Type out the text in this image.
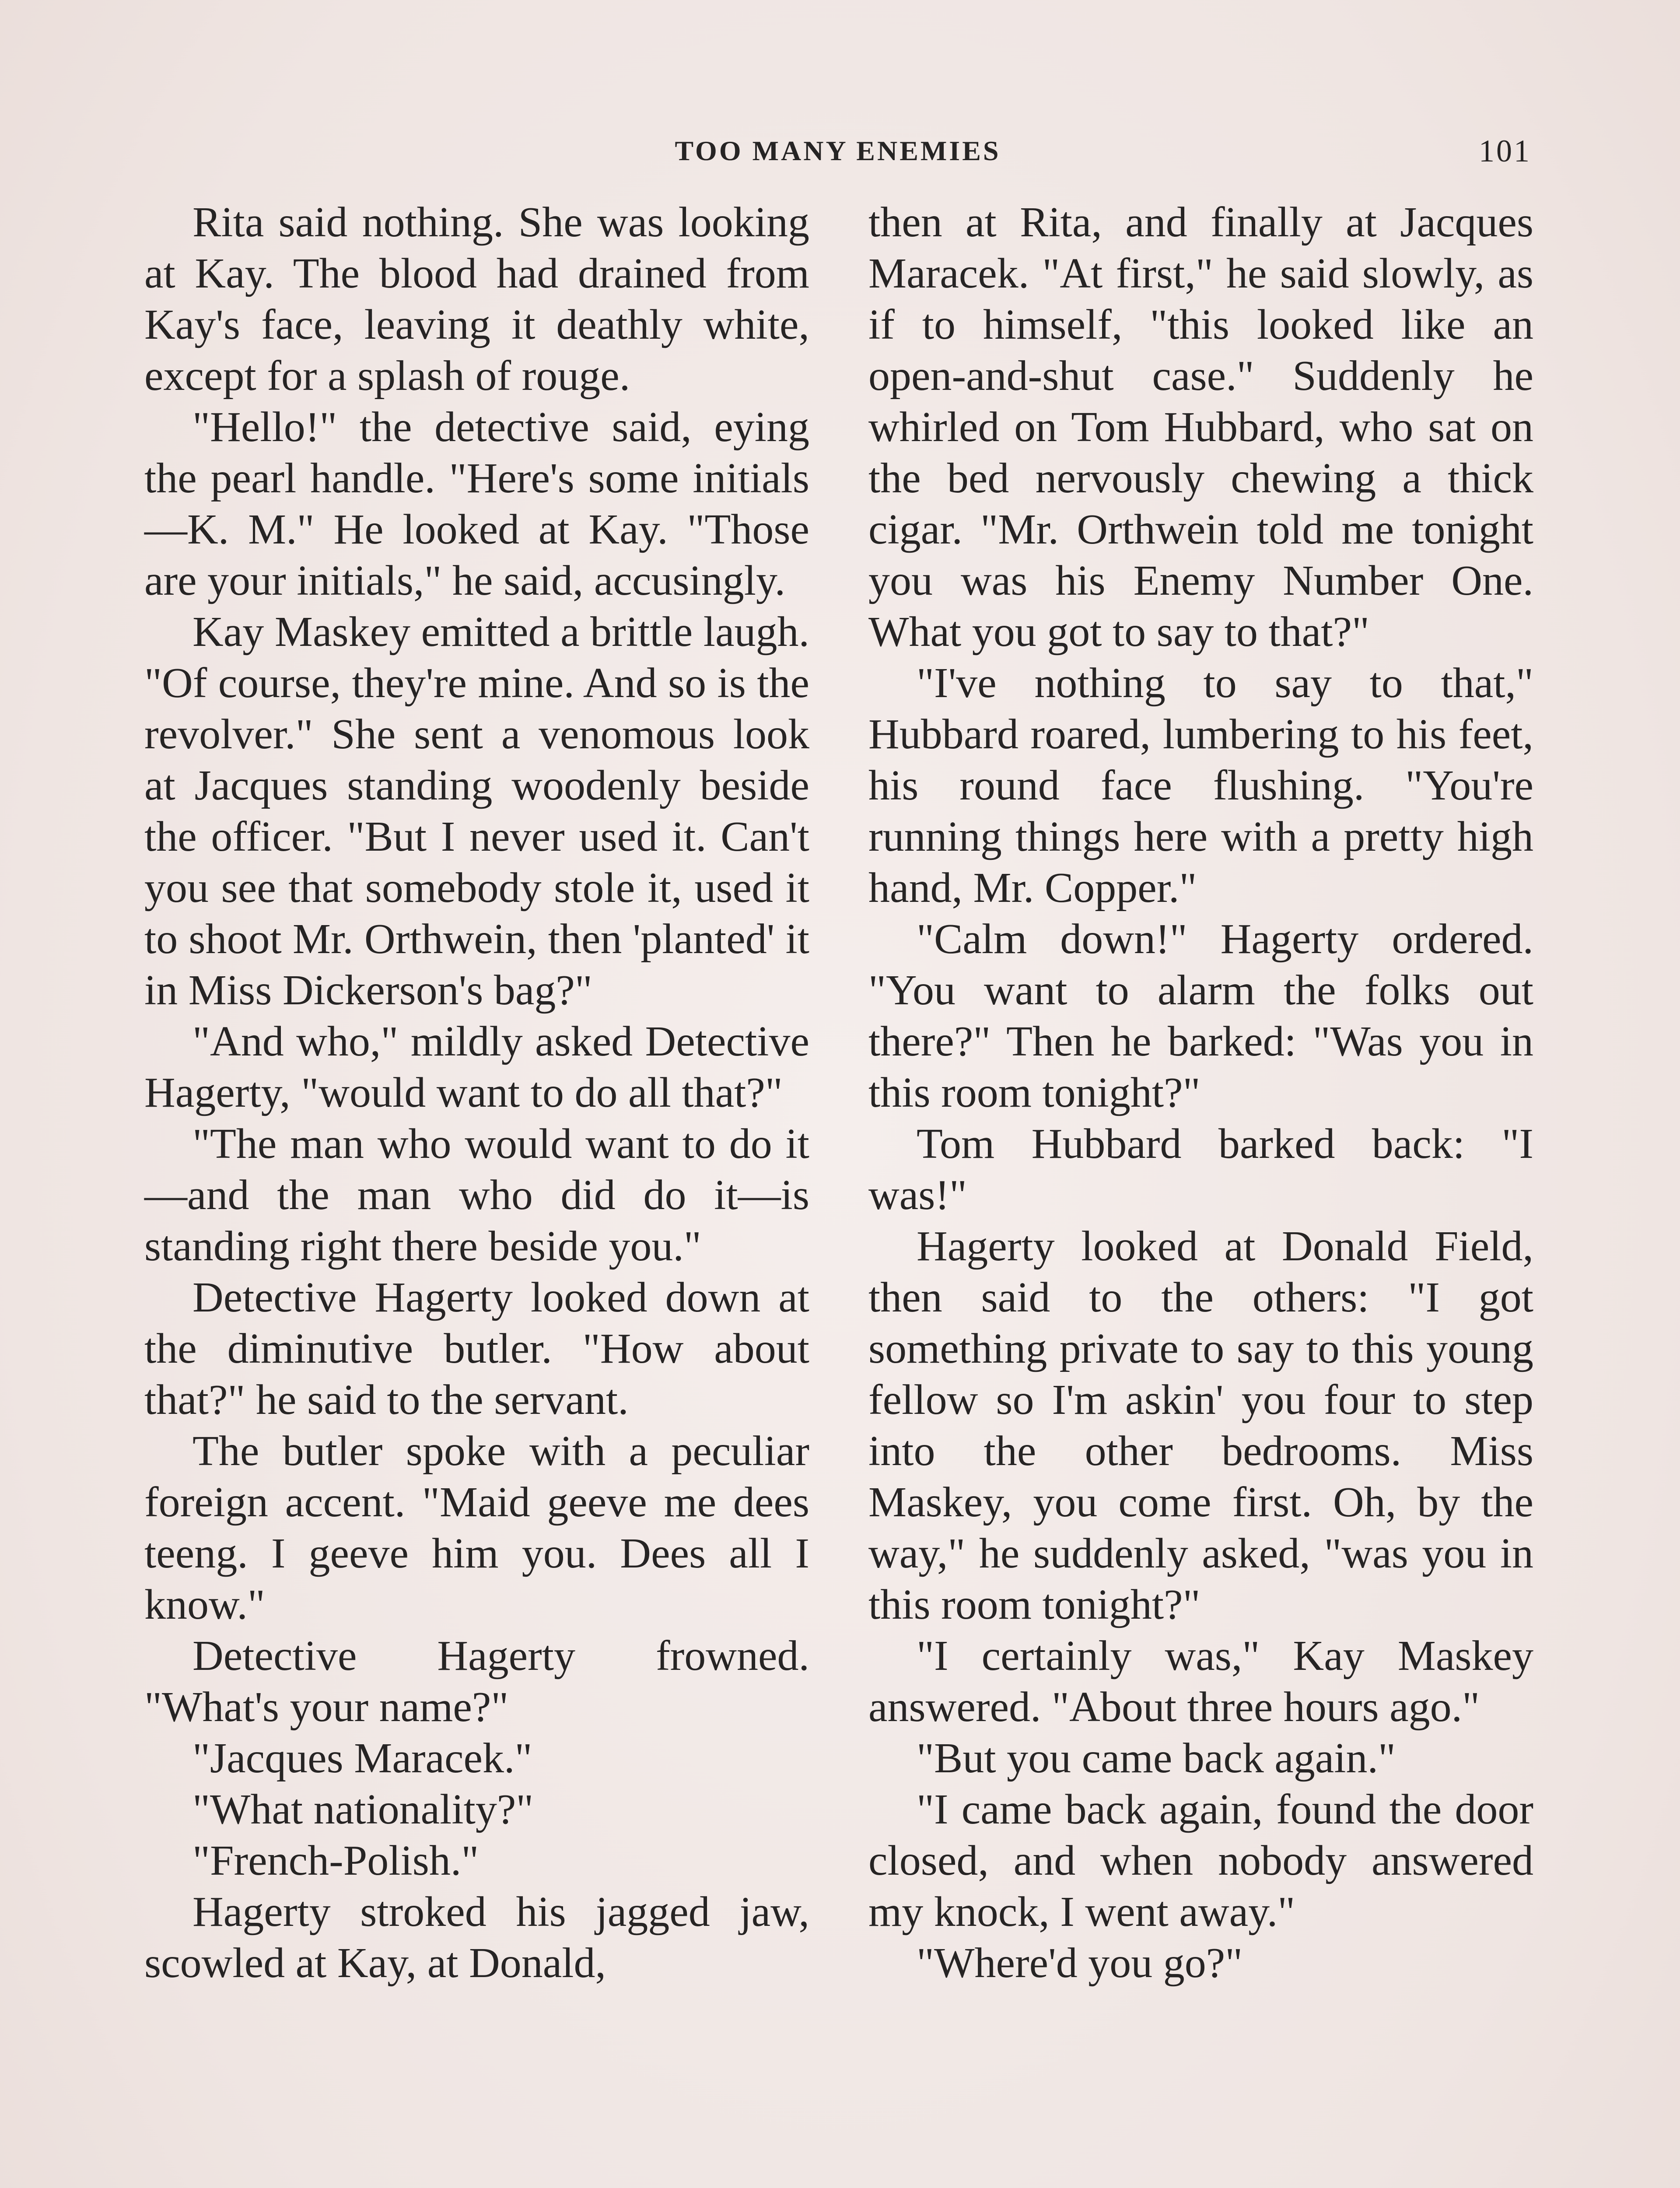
TOO MANY ENEMIES	101

Rita said nothing. She was looking at Kay. The blood had drained from Kay's face, leaving it deathly white, except for a splash of rouge.

"Hello!" the detective said, eying the pearl handle. "Here's some initials—K. M." He looked at Kay. "Those are your initials," he said, accusingly.

Kay Maskey emitted a brittle laugh. "Of course, they're mine. And so is the revolver." She sent a venomous look at Jacques standing woodenly beside the officer. "But I never used it. Can't you see that somebody stole it, used it to shoot Mr. Orthwein, then 'planted' it in Miss Dickerson's bag?"

"And who," mildly asked Detective Hagerty, "would want to do all that?"

"The man who would want to do it—and the man who did do it—is standing right there beside you."

Detective Hagerty looked down at the diminutive butler. "How about that?" he said to the servant.

The butler spoke with a peculiar foreign accent. "Maid geeve me dees teeng. I geeve him you. Dees all I know."

Detective Hagerty frowned. "What's your name?"

"Jacques Maracek."

"What nationality?"

"French-Polish."

Hagerty stroked his jagged jaw, scowled at Kay, at Donald,

then at Rita, and finally at Jacques Maracek. "At first," he said slowly, as if to himself, "this looked like an open-and-shut case." Suddenly he whirled on Tom Hubbard, who sat on the bed nervously chewing a thick cigar. "Mr. Orthwein told me tonight you was his Enemy Number One. What you got to say to that?"

"I've nothing to say to that," Hubbard roared, lumbering to his feet, his round face flushing. "You're running things here with a pretty high hand, Mr. Copper."

"Calm down!" Hagerty ordered. "You want to alarm the folks out there?" Then he barked: "Was you in this room tonight?"

Tom Hubbard barked back: "I was!"

Hagerty looked at Donald Field, then said to the others: "I got something private to say to this young fellow so I'm askin' you four to step into the other bedrooms. Miss Maskey, you come first. Oh, by the way," he suddenly asked, "was you in this room tonight?"

"I certainly was," Kay Maskey answered. "About three hours ago."

"But you came back again."

"I came back again, found the door closed, and when nobody answered my knock, I went away."

"Where'd you go?"
